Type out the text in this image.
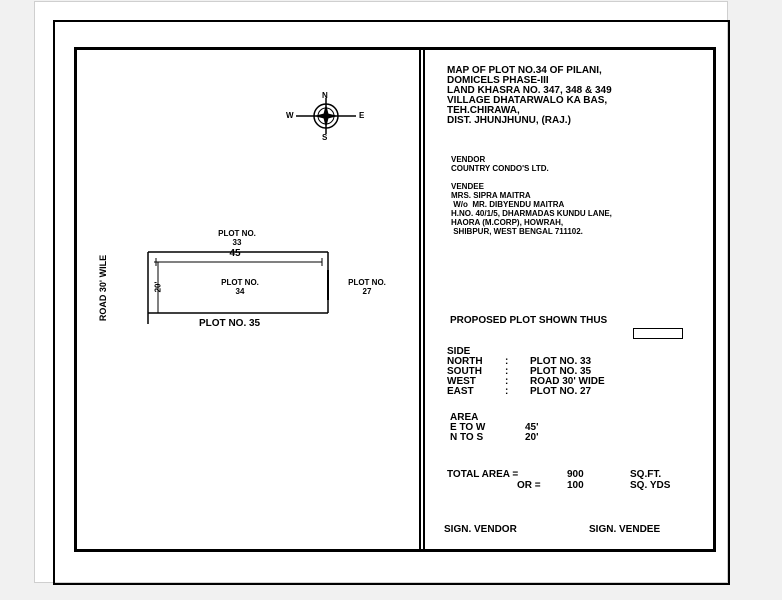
N
S
E
W
PLOT NO.
33
45
PLOT NO.
34
PLOT NO.
27
20'
PLOT NO. 35
ROAD 30' WILE
MAP OF PLOT NO.34 OF PILANI,
DOMICELS PHASE-III
LAND KHASRA NO. 347, 348 & 349
VILLAGE DHATARWALO KA BAS,
TEH.CHIRAWA,
DIST. JHUNJHUNU, (RAJ.)
VENDOR
COUNTRY CONDO'S LTD.
VENDEE
MRS. SIPRA MAITRA
W/o  MR. DIBYENDU MAITRA
H.NO. 40/1/5, DHARMADAS KUNDU LANE,
HAORA (M.CORP), HOWRAH,
SHIBPUR, WEST BENGAL 711102.
PROPOSED PLOT SHOWN THUS
SIDE
NORTH : PLOT NO. 33
SOUTH : PLOT NO. 35
WEST	: ROAD 30' WIDE
EAST	: PLOT NO. 27
AREA
E TO W	45'
N TO S	20'
TOTAL AREA =	900	SQ.FT.
OR =	100	SQ. YDS
SIGN. VENDOR	SIGN. VENDEE
